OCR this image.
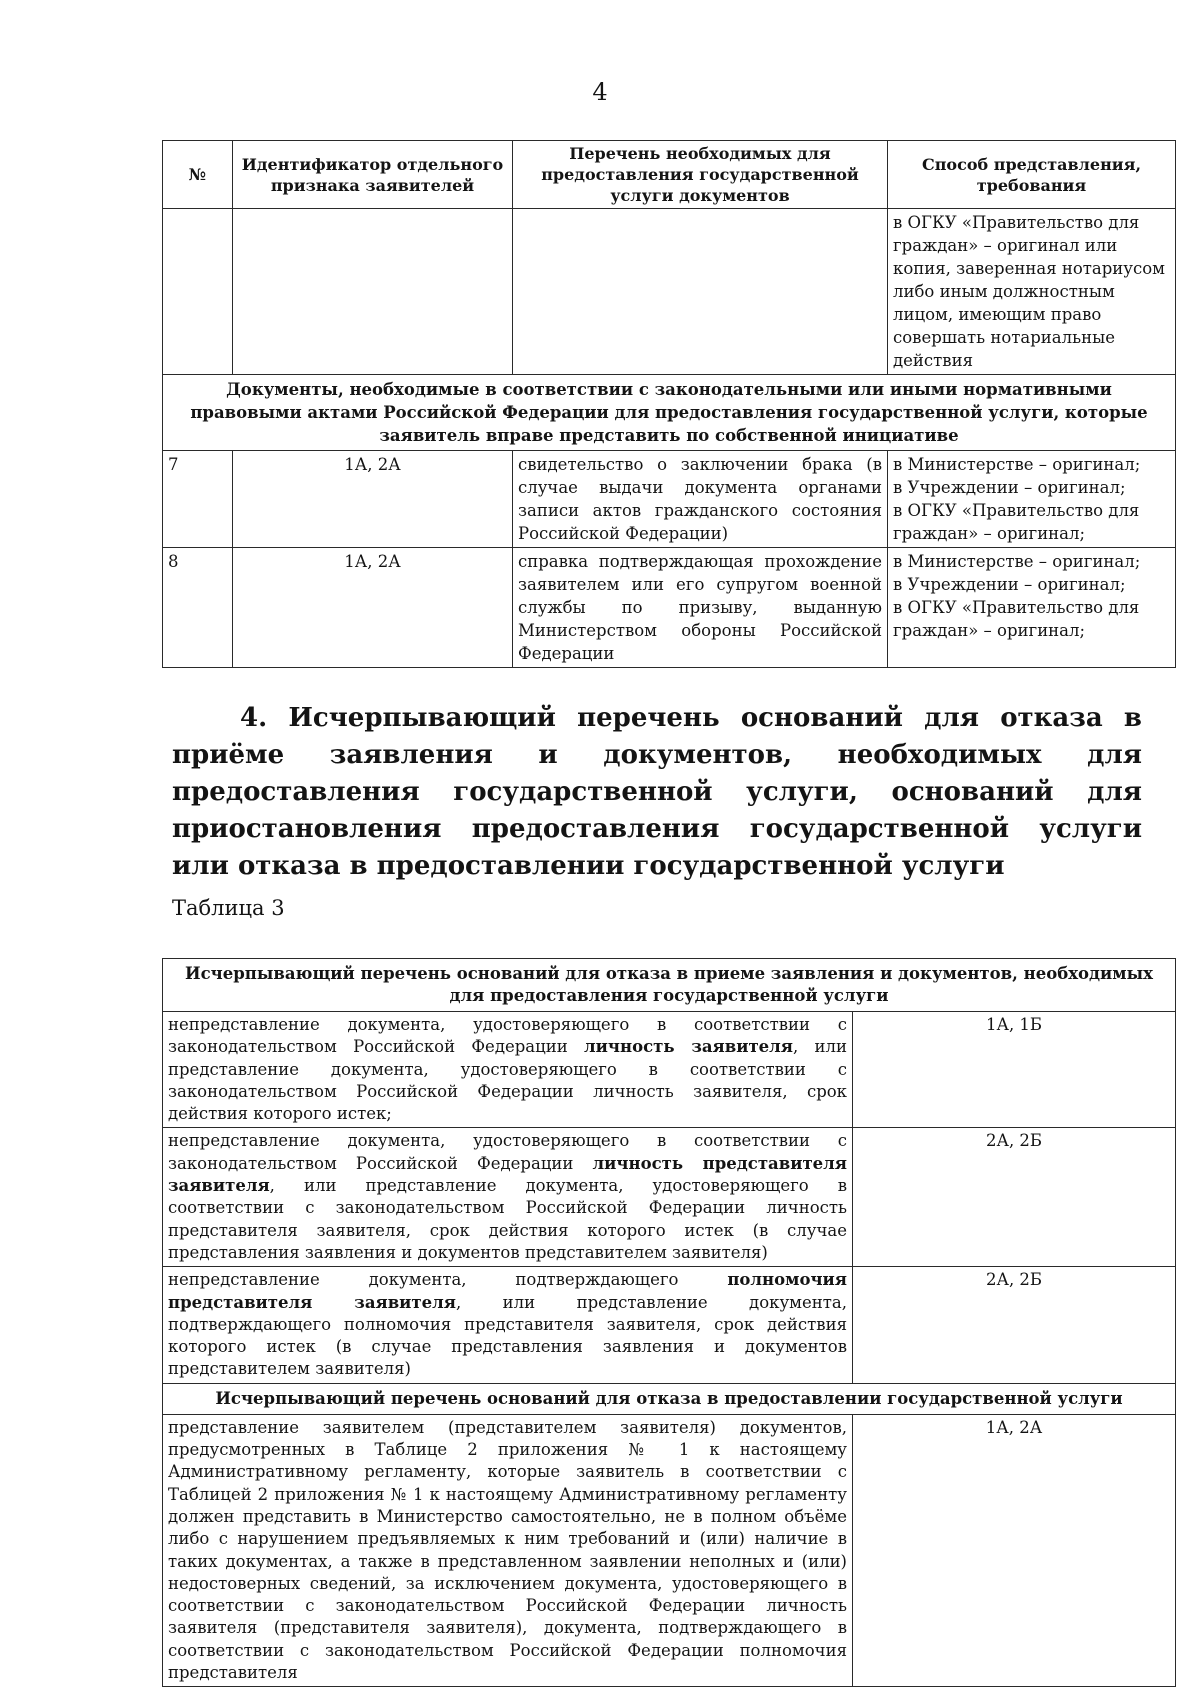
4
№	Идентификатор отдельного признака заявителей	Перечень необходимых для предоставления государственной услуги документов	Способ представления, требования
			в ОГКУ «Правительство для граждан» – оригинал или копия, заверенная нотариусом либо иным должностным лицом, имеющим право совершать нотариальные действия
Документы, необходимые в соответствии с законодательными или иными нормативными правовыми актами Российской Федерации для предоставления государственной услуги, которые заявитель вправе представить по собственной инициативе			
7	1А, 2А	свидетельство о заключении брака (в случае выдачи документа органами записи актов гражданского состояния Российской Федерации)	в Министерстве – оригинал;
в Учреждении – оригинал;
в ОГКУ «Правительство для граждан» – оригинал;

8	1А, 2А	справка подтверждающая прохождение заявителем или его супругом военной службы по призыву, выданную Министерством обороны Российской Федерации	в Министерстве – оригинал;
в Учреждении – оригинал;
в ОГКУ «Правительство для граждан» – оригинал;

4. Исчерпывающий перечень оснований для отказа в приёме заявления и документов, необходимых для предоставления государственной услуги, оснований для приостановления предоставления государственной услуги или отказа в предоставлении государственной услуги

Таблица 3

Исчерпывающий перечень оснований для отказа в приеме заявления и документов, необходимых для предоставления государственной услуги	
непредставление документа, удостоверяющего в соответствии с законодательством Российской Федерации личность заявителя, или представление документа, удостоверяющего в соответствии с законодательством Российской Федерации личность заявителя, срок действия которого истек;	1А, 1Б
непредставление документа, удостоверяющего в соответствии с законодательством Российской Федерации личность представителя заявителя, или представление документа, удостоверяющего в соответствии с законодательством Российской Федерации личность представителя заявителя, срок действия которого истек (в случае представления заявления и документов представителем заявителя)	2А, 2Б
непредставление документа, подтверждающего полномочия представителя заявителя, или представление документа, подтверждающего полномочия представителя заявителя, срок действия которого истек (в случае представления заявления и документов представителем заявителя)	2А, 2Б
Исчерпывающий перечень оснований для отказа в предоставлении государственной услуги	
представление заявителем (представителем заявителя) документов, предусмотренных в Таблице 2 приложения № 1 к настоящему Административному регламенту, которые заявитель в соответствии с Таблицей 2 приложения № 1 к настоящему Административному регламенту должен представить в Министерство самостоятельно, не в полном объёме либо с нарушением предъявляемых к ним требований и (или) наличие в таких документах, а также в представленном заявлении неполных и (или) недостоверных сведений, за исключением документа, удостоверяющего в соответствии с законодательством Российской Федерации личность заявителя (представителя заявителя), документа, подтверждающего в соответствии с законодательством Российской Федерации полномочия представителя	1А, 2А
